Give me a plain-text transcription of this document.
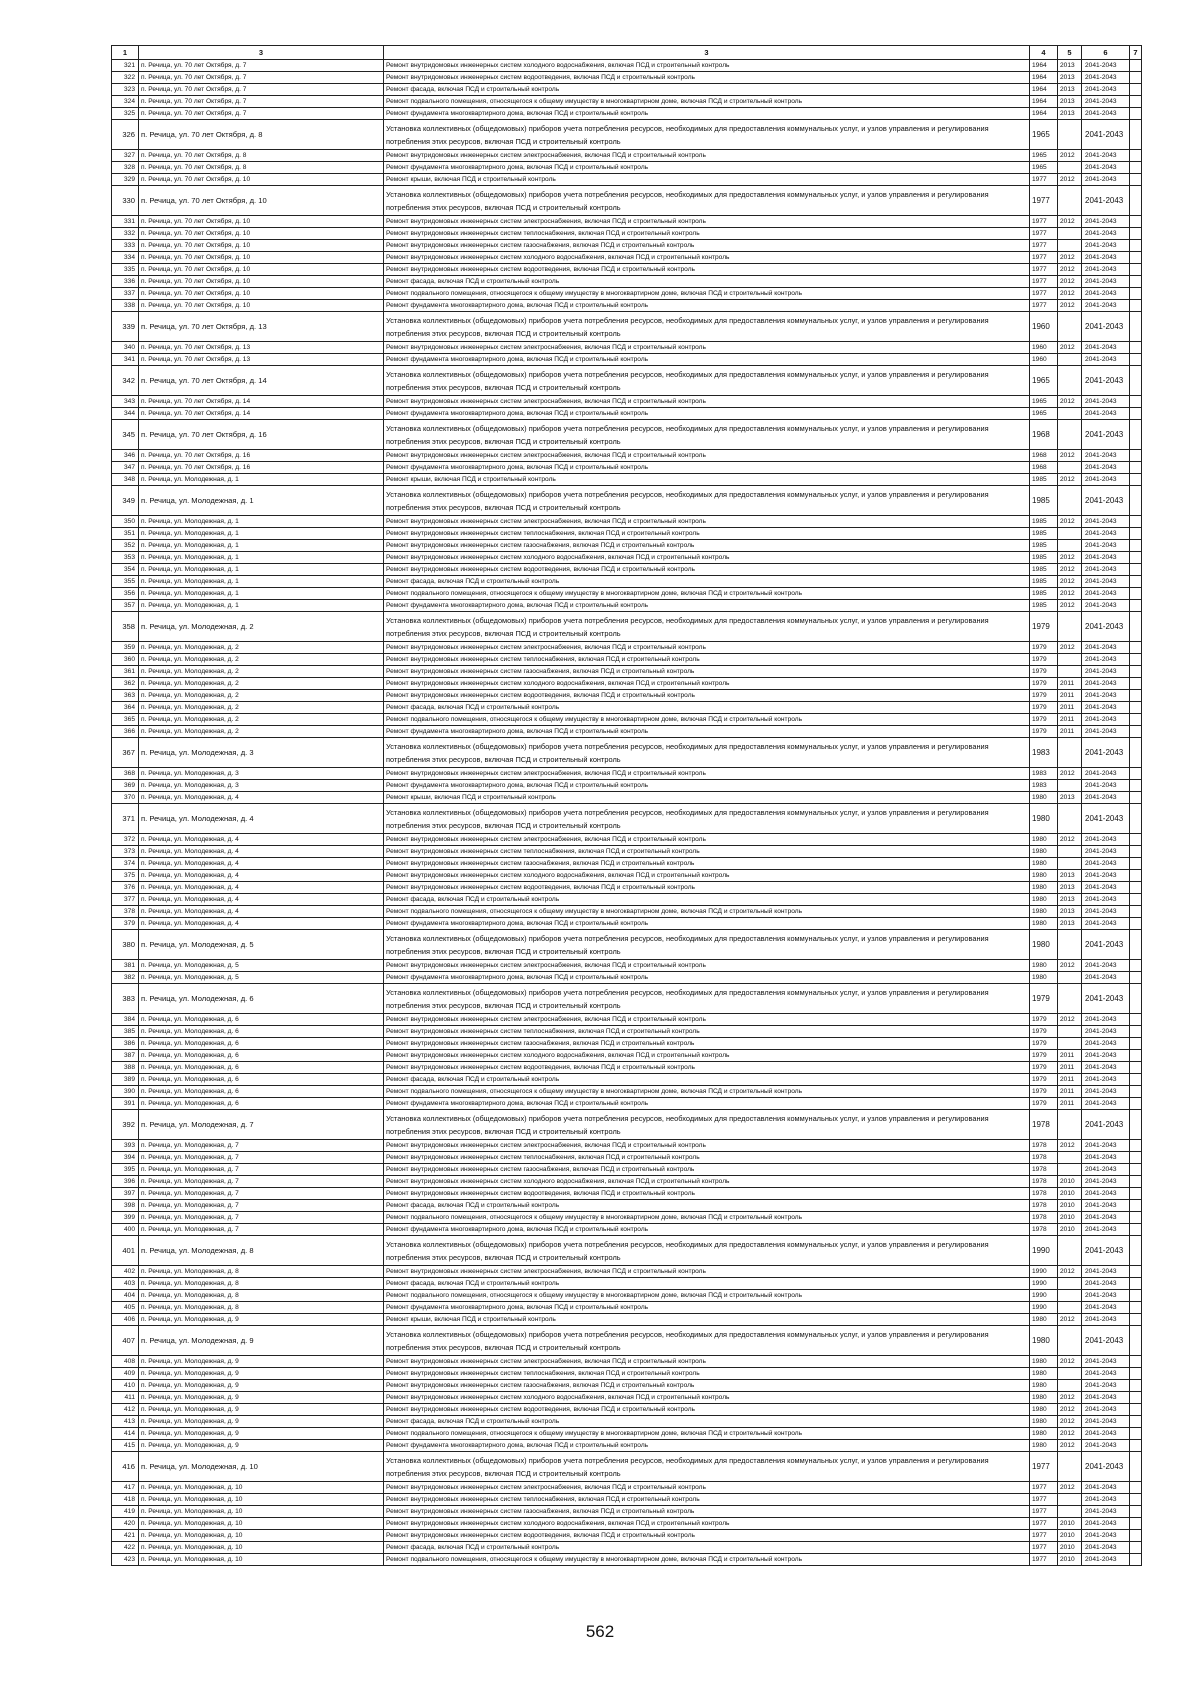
1	3	3	4	5	6	7
321	п. Речица, ул. 70 лет Октября, д. 7	Ремонт внутридомовых инженерных систем холодного водоснабжения, включая ПСД и строительный контроль	1964	2013	2041-2043	
322	п. Речица, ул. 70 лет Октября, д. 7	Ремонт внутридомовых инженерных систем водоотведения, включая ПСД и строительный контроль	1964	2013	2041-2043	
323	п. Речица, ул. 70 лет Октября, д. 7	Ремонт фасада, включая ПСД и строительный контроль	1964	2013	2041-2043	
324	п. Речица, ул. 70 лет Октября, д. 7	Ремонт подвального помещения, относящегося к общему имуществу в многоквартирном доме, включая ПСД и строительный контроль	1964	2013	2041-2043	
325	п. Речица, ул. 70 лет Октября, д. 7	Ремонт фундамента многоквартирного дома, включая ПСД и строительный контроль	1964	2013	2041-2043	
326	п. Речица, ул. 70 лет Октября, д. 8	Установка коллективных (общедомовых) приборов учета потребления ресурсов, необходимых для предоставления коммунальных услуг, и узлов управления и регулирования потребления этих ресурсов, включая ПСД и строительный контроль	1965		2041-2043	
327	п. Речица, ул. 70 лет Октября, д. 8	Ремонт внутридомовых инженерных систем электроснабжения, включая ПСД и строительный контроль	1965	2012	2041-2043	
328	п. Речица, ул. 70 лет Октября, д. 8	Ремонт фундамента многоквартирного дома, включая ПСД и строительный контроль	1965		2041-2043	
329	п. Речица, ул. 70 лет Октября, д. 10	Ремонт крыши, включая ПСД и строительный контроль	1977	2012	2041-2043	
330	п. Речица, ул. 70 лет Октября, д. 10	Установка коллективных (общедомовых) приборов учета потребления ресурсов, необходимых для предоставления коммунальных услуг, и узлов управления и регулирования потребления этих ресурсов, включая ПСД и строительный контроль	1977		2041-2043	
331	п. Речица, ул. 70 лет Октября, д. 10	Ремонт внутридомовых инженерных систем электроснабжения, включая ПСД и строительный контроль	1977	2012	2041-2043	
332	п. Речица, ул. 70 лет Октября, д. 10	Ремонт внутридомовых инженерных систем теплоснабжения, включая ПСД и строительный контроль	1977		2041-2043	
333	п. Речица, ул. 70 лет Октября, д. 10	Ремонт внутридомовых инженерных систем газоснабжения, включая ПСД и строительный контроль	1977		2041-2043	
334	п. Речица, ул. 70 лет Октября, д. 10	Ремонт внутридомовых инженерных систем холодного водоснабжения, включая ПСД и строительный контроль	1977	2012	2041-2043	
335	п. Речица, ул. 70 лет Октября, д. 10	Ремонт внутридомовых инженерных систем водоотведения, включая ПСД и строительный контроль	1977	2012	2041-2043	
336	п. Речица, ул. 70 лет Октября, д. 10	Ремонт фасада, включая ПСД и строительный контроль	1977	2012	2041-2043	
337	п. Речица, ул. 70 лет Октября, д. 10	Ремонт подвального помещения, относящегося к общему имуществу в многоквартирном доме, включая ПСД и строительный контроль	1977	2012	2041-2043	
338	п. Речица, ул. 70 лет Октября, д. 10	Ремонт фундамента многоквартирного дома, включая ПСД и строительный контроль	1977	2012	2041-2043	
339	п. Речица, ул. 70 лет Октября, д. 13	Установка коллективных (общедомовых) приборов учета потребления ресурсов, необходимых для предоставления коммунальных услуг, и узлов управления и регулирования потребления этих ресурсов, включая ПСД и строительный контроль	1960		2041-2043	
340	п. Речица, ул. 70 лет Октября, д. 13	Ремонт внутридомовых инженерных систем электроснабжения, включая ПСД и строительный контроль	1960	2012	2041-2043	
341	п. Речица, ул. 70 лет Октября, д. 13	Ремонт фундамента многоквартирного дома, включая ПСД и строительный контроль	1960		2041-2043	
342	п. Речица, ул. 70 лет Октября, д. 14	Установка коллективных (общедомовых) приборов учета потребления ресурсов, необходимых для предоставления коммунальных услуг, и узлов управления и регулирования потребления этих ресурсов, включая ПСД и строительный контроль	1965		2041-2043	
343	п. Речица, ул. 70 лет Октября, д. 14	Ремонт внутридомовых инженерных систем электроснабжения, включая ПСД и строительный контроль	1965	2012	2041-2043	
344	п. Речица, ул. 70 лет Октября, д. 14	Ремонт фундамента многоквартирного дома, включая ПСД и строительный контроль	1965		2041-2043	
345	п. Речица, ул. 70 лет Октября, д. 16	Установка коллективных (общедомовых) приборов учета потребления ресурсов, необходимых для предоставления коммунальных услуг, и узлов управления и регулирования потребления этих ресурсов, включая ПСД и строительный контроль	1968		2041-2043	
346	п. Речица, ул. 70 лет Октября, д. 16	Ремонт внутридомовых инженерных систем электроснабжения, включая ПСД и строительный контроль	1968	2012	2041-2043	
347	п. Речица, ул. 70 лет Октября, д. 16	Ремонт фундамента многоквартирного дома, включая ПСД и строительный контроль	1968		2041-2043	
348	п. Речица, ул. Молодежная, д. 1	Ремонт крыши, включая ПСД и строительный контроль	1985	2012	2041-2043	
349	п. Речица, ул. Молодежная, д. 1	Установка коллективных (общедомовых) приборов учета потребления ресурсов, необходимых для предоставления коммунальных услуг, и узлов управления и регулирования потребления этих ресурсов, включая ПСД и строительный контроль	1985		2041-2043	
350	п. Речица, ул. Молодежная, д. 1	Ремонт внутридомовых инженерных систем электроснабжения, включая ПСД и строительный контроль	1985	2012	2041-2043	
351	п. Речица, ул. Молодежная, д. 1	Ремонт внутридомовых инженерных систем теплоснабжения, включая ПСД и строительный контроль	1985		2041-2043	
352	п. Речица, ул. Молодежная, д. 1	Ремонт внутридомовых инженерных систем газоснабжения, включая ПСД и строительный контроль	1985		2041-2043	
353	п. Речица, ул. Молодежная, д. 1	Ремонт внутридомовых инженерных систем холодного водоснабжения, включая ПСД и строительный контроль	1985	2012	2041-2043	
354	п. Речица, ул. Молодежная, д. 1	Ремонт внутридомовых инженерных систем водоотведения, включая ПСД и строительный контроль	1985	2012	2041-2043	
355	п. Речица, ул. Молодежная, д. 1	Ремонт фасада, включая ПСД и строительный контроль	1985	2012	2041-2043	
356	п. Речица, ул. Молодежная, д. 1	Ремонт подвального помещения, относящегося к общему имуществу в многоквартирном доме, включая ПСД и строительный контроль	1985	2012	2041-2043	
357	п. Речица, ул. Молодежная, д. 1	Ремонт фундамента многоквартирного дома, включая ПСД и строительный контроль	1985	2012	2041-2043	
358	п. Речица, ул. Молодежная, д. 2	Установка коллективных (общедомовых) приборов учета потребления ресурсов, необходимых для предоставления коммунальных услуг, и узлов управления и регулирования потребления этих ресурсов, включая ПСД и строительный контроль	1979		2041-2043	
359	п. Речица, ул. Молодежная, д. 2	Ремонт внутридомовых инженерных систем электроснабжения, включая ПСД и строительный контроль	1979	2012	2041-2043	
360	п. Речица, ул. Молодежная, д. 2	Ремонт внутридомовых инженерных систем теплоснабжения, включая ПСД и строительный контроль	1979		2041-2043	
361	п. Речица, ул. Молодежная, д. 2	Ремонт внутридомовых инженерных систем газоснабжения, включая ПСД и строительный контроль	1979		2041-2043	
362	п. Речица, ул. Молодежная, д. 2	Ремонт внутридомовых инженерных систем холодного водоснабжения, включая ПСД и строительный контроль	1979	2011	2041-2043	
363	п. Речица, ул. Молодежная, д. 2	Ремонт внутридомовых инженерных систем водоотведения, включая ПСД и строительный контроль	1979	2011	2041-2043	
364	п. Речица, ул. Молодежная, д. 2	Ремонт фасада, включая ПСД и строительный контроль	1979	2011	2041-2043	
365	п. Речица, ул. Молодежная, д. 2	Ремонт подвального помещения, относящегося к общему имуществу в многоквартирном доме, включая ПСД и строительный контроль	1979	2011	2041-2043	
366	п. Речица, ул. Молодежная, д. 2	Ремонт фундамента многоквартирного дома, включая ПСД и строительный контроль	1979	2011	2041-2043	
367	п. Речица, ул. Молодежная, д. 3	Установка коллективных (общедомовых) приборов учета потребления ресурсов, необходимых для предоставления коммунальных услуг, и узлов управления и регулирования потребления этих ресурсов, включая ПСД и строительный контроль	1983		2041-2043	
368	п. Речица, ул. Молодежная, д. 3	Ремонт внутридомовых инженерных систем электроснабжения, включая ПСД и строительный контроль	1983	2012	2041-2043	
369	п. Речица, ул. Молодежная, д. 3	Ремонт фундамента многоквартирного дома, включая ПСД и строительный контроль	1983		2041-2043	
370	п. Речица, ул. Молодежная, д. 4	Ремонт крыши, включая ПСД и строительный контроль	1980	2013	2041-2043	
371	п. Речица, ул. Молодежная, д. 4	Установка коллективных (общедомовых) приборов учета потребления ресурсов, необходимых для предоставления коммунальных услуг, и узлов управления и регулирования потребления этих ресурсов, включая ПСД и строительный контроль	1980		2041-2043	
372	п. Речица, ул. Молодежная, д. 4	Ремонт внутридомовых инженерных систем электроснабжения, включая ПСД и строительный контроль	1980	2012	2041-2043	
373	п. Речица, ул. Молодежная, д. 4	Ремонт внутридомовых инженерных систем теплоснабжения, включая ПСД и строительный контроль	1980		2041-2043	
374	п. Речица, ул. Молодежная, д. 4	Ремонт внутридомовых инженерных систем газоснабжения, включая ПСД и строительный контроль	1980		2041-2043	
375	п. Речица, ул. Молодежная, д. 4	Ремонт внутридомовых инженерных систем холодного водоснабжения, включая ПСД и строительный контроль	1980	2013	2041-2043	
376	п. Речица, ул. Молодежная, д. 4	Ремонт внутридомовых инженерных систем водоотведения, включая ПСД и строительный контроль	1980	2013	2041-2043	
377	п. Речица, ул. Молодежная, д. 4	Ремонт фасада, включая ПСД и строительный контроль	1980	2013	2041-2043	
378	п. Речица, ул. Молодежная, д. 4	Ремонт подвального помещения, относящегося к общему имуществу в многоквартирном доме, включая ПСД и строительный контроль	1980	2013	2041-2043	
379	п. Речица, ул. Молодежная, д. 4	Ремонт фундамента многоквартирного дома, включая ПСД и строительный контроль	1980	2013	2041-2043	
380	п. Речица, ул. Молодежная, д. 5	Установка коллективных (общедомовых) приборов учета потребления ресурсов, необходимых для предоставления коммунальных услуг, и узлов управления и регулирования потребления этих ресурсов, включая ПСД и строительный контроль	1980		2041-2043	
381	п. Речица, ул. Молодежная, д. 5	Ремонт внутридомовых инженерных систем электроснабжения, включая ПСД и строительный контроль	1980	2012	2041-2043	
382	п. Речица, ул. Молодежная, д. 5	Ремонт фундамента многоквартирного дома, включая ПСД и строительный контроль	1980		2041-2043	
383	п. Речица, ул. Молодежная, д. 6	Установка коллективных (общедомовых) приборов учета потребления ресурсов, необходимых для предоставления коммунальных услуг, и узлов управления и регулирования потребления этих ресурсов, включая ПСД и строительный контроль	1979		2041-2043	
384	п. Речица, ул. Молодежная, д. 6	Ремонт внутридомовых инженерных систем электроснабжения, включая ПСД и строительный контроль	1979	2012	2041-2043	
385	п. Речица, ул. Молодежная, д. 6	Ремонт внутридомовых инженерных систем теплоснабжения, включая ПСД и строительный контроль	1979		2041-2043	
386	п. Речица, ул. Молодежная, д. 6	Ремонт внутридомовых инженерных систем газоснабжения, включая ПСД и строительный контроль	1979		2041-2043	
387	п. Речица, ул. Молодежная, д. 6	Ремонт внутридомовых инженерных систем холодного водоснабжения, включая ПСД и строительный контроль	1979	2011	2041-2043	
388	п. Речица, ул. Молодежная, д. 6	Ремонт внутридомовых инженерных систем водоотведения, включая ПСД и строительный контроль	1979	2011	2041-2043	
389	п. Речица, ул. Молодежная, д. 6	Ремонт фасада, включая ПСД и строительный контроль	1979	2011	2041-2043	
390	п. Речица, ул. Молодежная, д. 6	Ремонт подвального помещения, относящегося к общему имуществу в многоквартирном доме, включая ПСД и строительный контроль	1979	2011	2041-2043	
391	п. Речица, ул. Молодежная, д. 6	Ремонт фундамента многоквартирного дома, включая ПСД и строительный контроль	1979	2011	2041-2043	
392	п. Речица, ул. Молодежная, д. 7	Установка коллективных (общедомовых) приборов учета потребления ресурсов, необходимых для предоставления коммунальных услуг, и узлов управления и регулирования потребления этих ресурсов, включая ПСД и строительный контроль	1978		2041-2043	
393	п. Речица, ул. Молодежная, д. 7	Ремонт внутридомовых инженерных систем электроснабжения, включая ПСД и строительный контроль	1978	2012	2041-2043	
394	п. Речица, ул. Молодежная, д. 7	Ремонт внутридомовых инженерных систем теплоснабжения, включая ПСД и строительный контроль	1978		2041-2043	
395	п. Речица, ул. Молодежная, д. 7	Ремонт внутридомовых инженерных систем газоснабжения, включая ПСД и строительный контроль	1978		2041-2043	
396	п. Речица, ул. Молодежная, д. 7	Ремонт внутридомовых инженерных систем холодного водоснабжения, включая ПСД и строительный контроль	1978	2010	2041-2043	
397	п. Речица, ул. Молодежная, д. 7	Ремонт внутридомовых инженерных систем водоотведения, включая ПСД и строительный контроль	1978	2010	2041-2043	
398	п. Речица, ул. Молодежная, д. 7	Ремонт фасада, включая ПСД и строительный контроль	1978	2010	2041-2043	
399	п. Речица, ул. Молодежная, д. 7	Ремонт подвального помещения, относящегося к общему имуществу в многоквартирном доме, включая ПСД и строительный контроль	1978	2010	2041-2043	
400	п. Речица, ул. Молодежная, д. 7	Ремонт фундамента многоквартирного дома, включая ПСД и строительный контроль	1978	2010	2041-2043	
401	п. Речица, ул. Молодежная, д. 8	Установка коллективных (общедомовых) приборов учета потребления ресурсов, необходимых для предоставления коммунальных услуг, и узлов управления и регулирования потребления этих ресурсов, включая ПСД и строительный контроль	1990		2041-2043	
402	п. Речица, ул. Молодежная, д. 8	Ремонт внутридомовых инженерных систем электроснабжения, включая ПСД и строительный контроль	1990	2012	2041-2043	
403	п. Речица, ул. Молодежная, д. 8	Ремонт фасада, включая ПСД и строительный контроль	1990		2041-2043	
404	п. Речица, ул. Молодежная, д. 8	Ремонт подвального помещения, относящегося к общему имуществу в многоквартирном доме, включая ПСД и строительный контроль	1990		2041-2043	
405	п. Речица, ул. Молодежная, д. 8	Ремонт фундамента многоквартирного дома, включая ПСД и строительный контроль	1990		2041-2043	
406	п. Речица, ул. Молодежная, д. 9	Ремонт крыши, включая ПСД и строительный контроль	1980	2012	2041-2043	
407	п. Речица, ул. Молодежная, д. 9	Установка коллективных (общедомовых) приборов учета потребления ресурсов, необходимых для предоставления коммунальных услуг, и узлов управления и регулирования потребления этих ресурсов, включая ПСД и строительный контроль	1980		2041-2043	
408	п. Речица, ул. Молодежная, д. 9	Ремонт внутридомовых инженерных систем электроснабжения, включая ПСД и строительный контроль	1980	2012	2041-2043	
409	п. Речица, ул. Молодежная, д. 9	Ремонт внутридомовых инженерных систем теплоснабжения, включая ПСД и строительный контроль	1980		2041-2043	
410	п. Речица, ул. Молодежная, д. 9	Ремонт внутридомовых инженерных систем газоснабжения, включая ПСД и строительный контроль	1980		2041-2043	
411	п. Речица, ул. Молодежная, д. 9	Ремонт внутридомовых инженерных систем холодного водоснабжения, включая ПСД и строительный контроль	1980	2012	2041-2043	
412	п. Речица, ул. Молодежная, д. 9	Ремонт внутридомовых инженерных систем водоотведения, включая ПСД и строительный контроль	1980	2012	2041-2043	
413	п. Речица, ул. Молодежная, д. 9	Ремонт фасада, включая ПСД и строительный контроль	1980	2012	2041-2043	
414	п. Речица, ул. Молодежная, д. 9	Ремонт подвального помещения, относящегося к общему имуществу в многоквартирном доме, включая ПСД и строительный контроль	1980	2012	2041-2043	
415	п. Речица, ул. Молодежная, д. 9	Ремонт фундамента многоквартирного дома, включая ПСД и строительный контроль	1980	2012	2041-2043	
416	п. Речица, ул. Молодежная, д. 10	Установка коллективных (общедомовых) приборов учета потребления ресурсов, необходимых для предоставления коммунальных услуг, и узлов управления и регулирования потребления этих ресурсов, включая ПСД и строительный контроль	1977		2041-2043	
417	п. Речица, ул. Молодежная, д. 10	Ремонт внутридомовых инженерных систем электроснабжения, включая ПСД и строительный контроль	1977	2012	2041-2043	
418	п. Речица, ул. Молодежная, д. 10	Ремонт внутридомовых инженерных систем теплоснабжения, включая ПСД и строительный контроль	1977		2041-2043	
419	п. Речица, ул. Молодежная, д. 10	Ремонт внутридомовых инженерных систем газоснабжения, включая ПСД и строительный контроль	1977		2041-2043	
420	п. Речица, ул. Молодежная, д. 10	Ремонт внутридомовых инженерных систем холодного водоснабжения, включая ПСД и строительный контроль	1977	2010	2041-2043	
421	п. Речица, ул. Молодежная, д. 10	Ремонт внутридомовых инженерных систем водоотведения, включая ПСД и строительный контроль	1977	2010	2041-2043	
422	п. Речица, ул. Молодежная, д. 10	Ремонт фасада, включая ПСД и строительный контроль	1977	2010	2041-2043	
423	п. Речица, ул. Молодежная, д. 10	Ремонт подвального помещения, относящегося к общему имуществу в многоквартирном доме, включая ПСД и строительный контроль	1977	2010	2041-2043	
562
